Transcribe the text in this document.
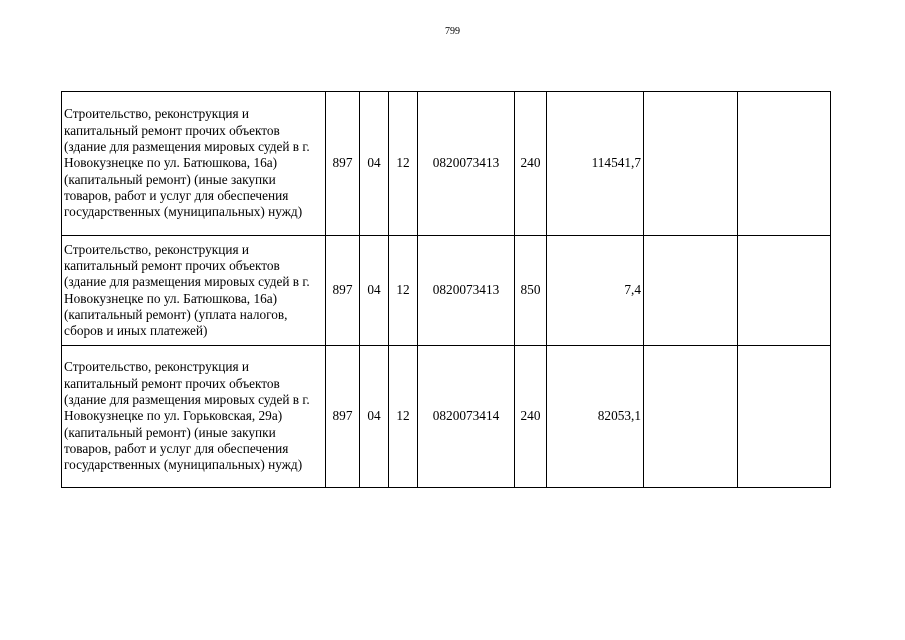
799
Строительство, реконструкция и капитальный ремонт прочих объектов (здание для размещения мировых судей в г. Новокузнецке по ул. Батюшкова, 16а) (капитальный ремонт) (иные закупки товаров, работ и услуг для обеспечения государственных (муниципальных) нужд)	897	04	12	0820073413	240	114541,7		
Строительство, реконструкция и капитальный ремонт прочих объектов (здание для размещения мировых судей в г. Новокузнецке по ул. Батюшкова, 16а) (капитальный ремонт) (уплата налогов, сборов и иных платежей)	897	04	12	0820073413	850	7,4		
Строительство, реконструкция и капитальный ремонт прочих объектов (здание для размещения мировых судей в г. Новокузнецке по ул. Горьковская, 29а) (капитальный ремонт) (иные закупки товаров, работ и услуг для обеспечения государственных (муниципальных) нужд)	897	04	12	0820073414	240	82053,1		
